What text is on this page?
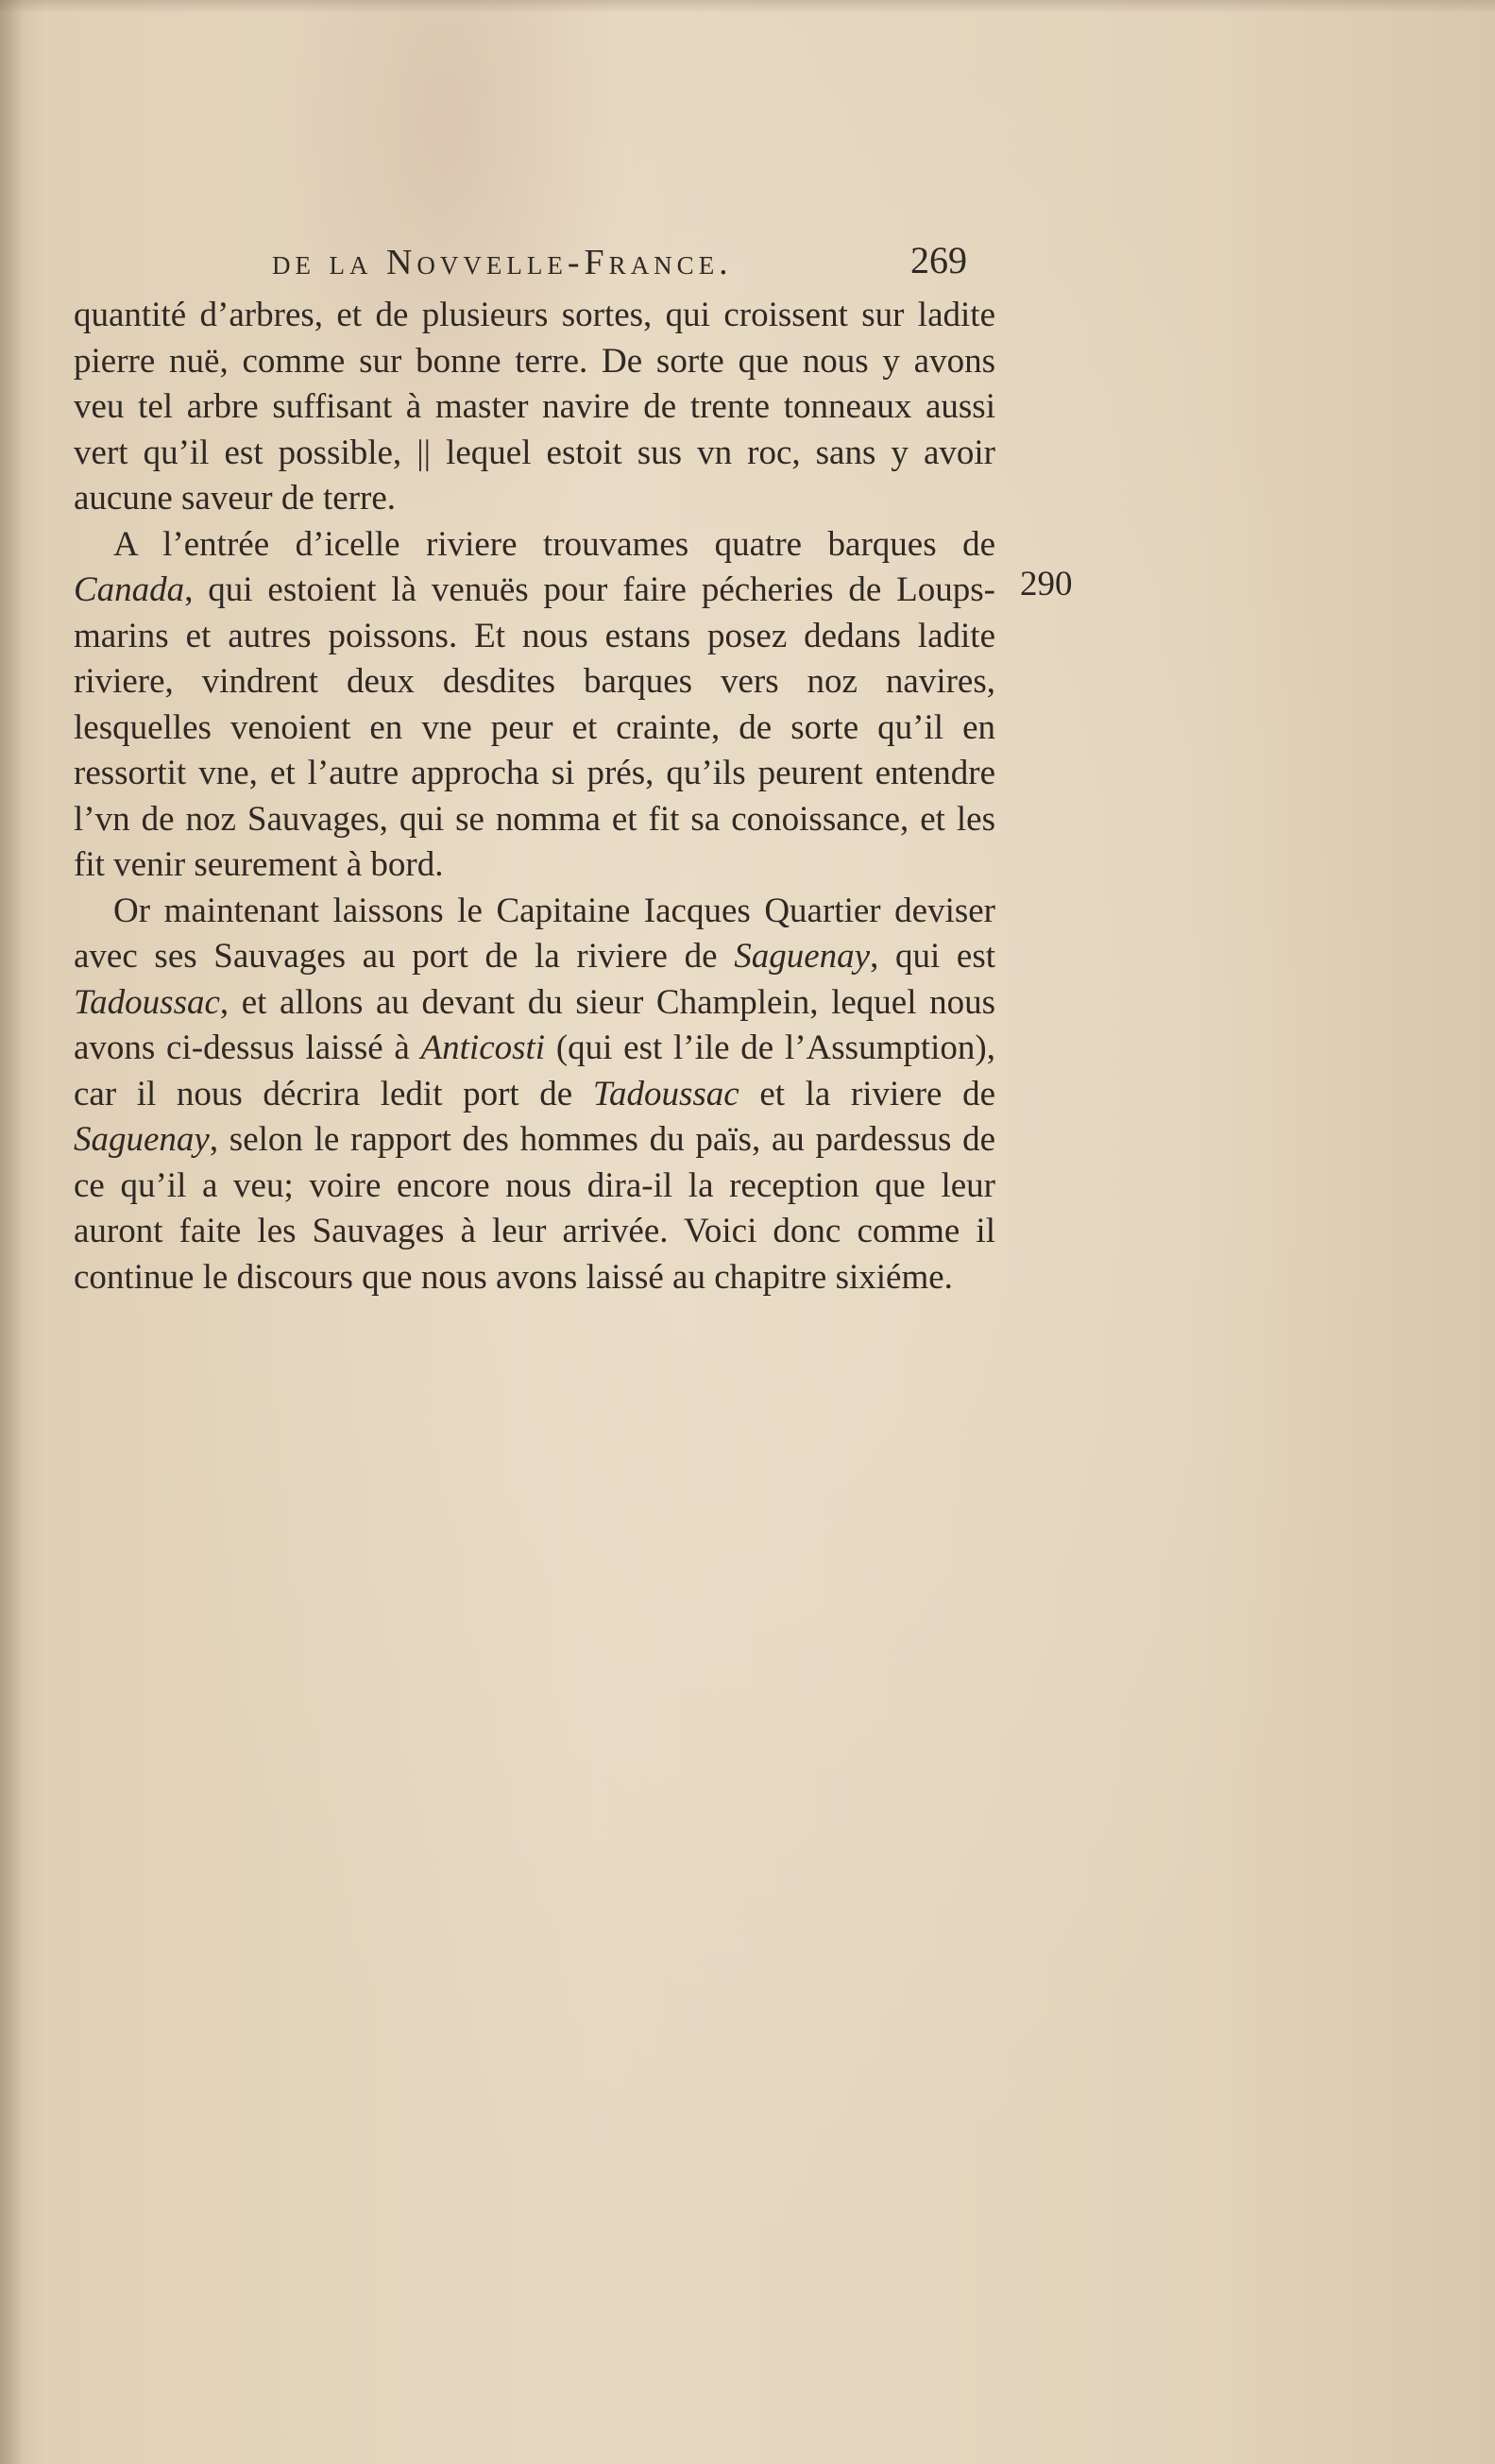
de la Novvelle-France.	269

quantité d’arbres, et de plusieurs sortes, qui croissent sur ladite pierre nuë, comme sur bonne terre. De sorte que nous y avons veu tel arbre suffisant à master navire de trente tonneaux aussi vert qu’il est possible, || lequel estoit sus vn roc, sans y avoir aucune saveur de terre.

A l’entrée d’icelle riviere trouvames quatre barques de Canada, qui estoient là venuës pour faire pécheries de Loups-marins et autres poissons. Et nous estans posez dedans ladite riviere, vindrent deux desdites barques vers noz navires, lesquelles venoient en vne peur et crainte, de sorte qu’il en ressortit vne, et l’autre approcha si prés, qu’ils peurent entendre l’vn de noz Sauvages, qui se nomma et fit sa conoissance, et les fit venir seurement à bord.

Or maintenant laissons le Capitaine Iacques Quartier deviser avec ses Sauvages au port de la riviere de Saguenay, qui est Tadoussac, et allons au devant du sieur Champlein, lequel nous avons ci-dessus laissé à Anticosti (qui est l’ile de l’Assumption), car il nous décrira ledit port de Tadoussac et la riviere de Saguenay, selon le rapport des hommes du païs, au pardessus de ce qu’il a veu; voire encore nous dira-il la reception que leur auront faite les Sauvages à leur arrivée. Voici donc comme il continue le discours que nous avons laissé au chapitre sixiéme.

290
